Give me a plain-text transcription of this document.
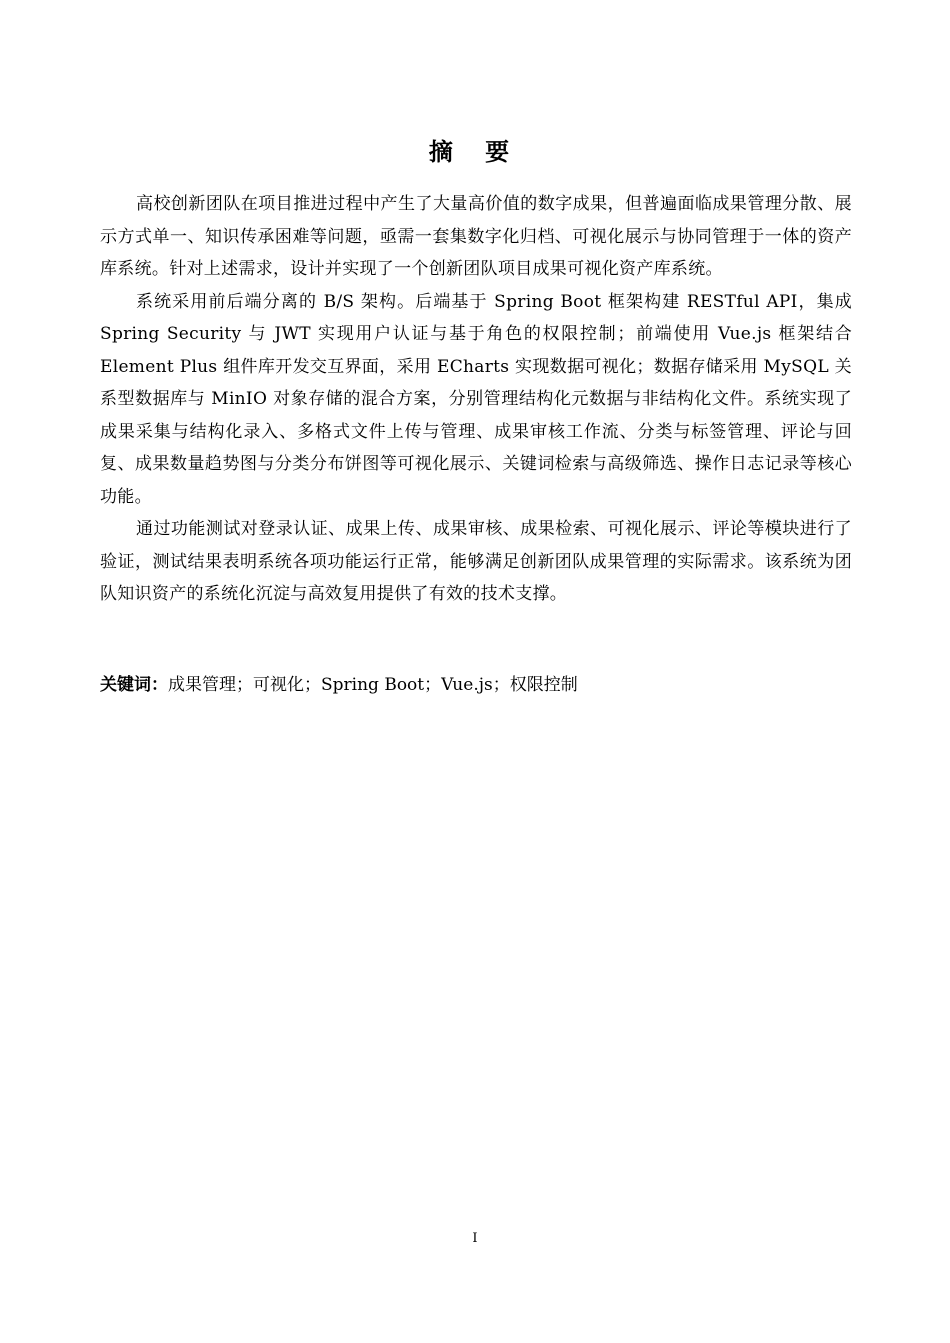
摘 要

高校创新团队在项目推进过程中产生了大量高价值的数字成果，但普遍面临成果管理分散、展示方式单一、知识传承困难等问题，亟需一套集数字化归档、可视化展示与协同管理于一体的资产库系统。针对上述需求，设计并实现了一个创新团队项目成果可视化资产库系统。

系统采用前后端分离的 B/S 架构。后端基于 Spring Boot 框架构建 RESTful API，集成 Spring Security 与 JWT 实现用户认证与基于角色的权限控制；前端使用 Vue.js 框架结合 Element Plus 组件库开发交互界面，采用 ECharts 实现数据可视化；数据存储采用 MySQL 关系型数据库与 MinIO 对象存储的混合方案，分别管理结构化元数据与非结构化文件。系统实现了成果采集与结构化录入、多格式文件上传与管理、成果审核工作流、分类与标签管理、评论与回复、成果数量趋势图与分类分布饼图等可视化展示、关键词检索与高级筛选、操作日志记录等核心功能。

通过功能测试对登录认证、成果上传、成果审核、成果检索、可视化展示、评论等模块进行了验证，测试结果表明系统各项功能运行正常，能够满足创新团队成果管理的实际需求。该系统为团队知识资产的系统化沉淀与高效复用提供了有效的技术支撑。

关键词：成果管理；可视化；Spring Boot；Vue.js；权限控制
I
